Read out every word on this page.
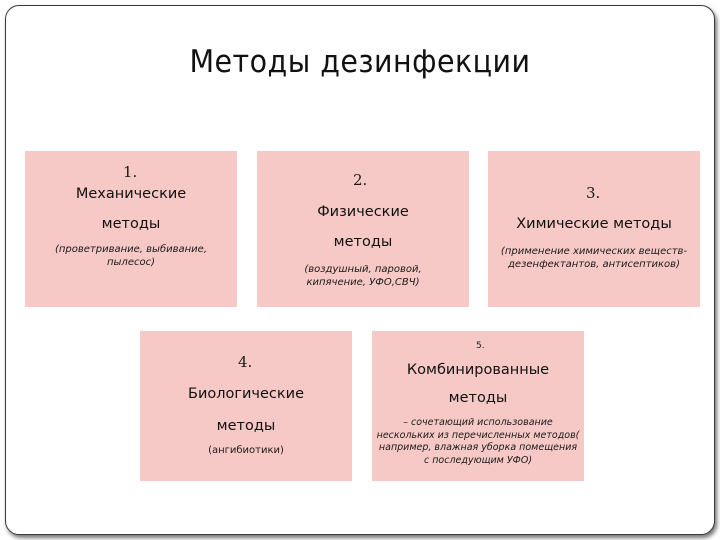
Методы дезинфекции
1.
Механические
методы
(проветривание, выбивание, пылесос)
2.
Физические
методы
(воздушный, паровой, кипячение, УФО,СВЧ)
3.
Химические методы
(применение химических веществ-дезенфектантов, антисептиков)
4.
Биологические
методы
(ангибиотики)
5.
Комбинированные
методы
– сочетающий использование нескольких из перечисленных методов( например, влажная уборка помещения с последующим УФО)
